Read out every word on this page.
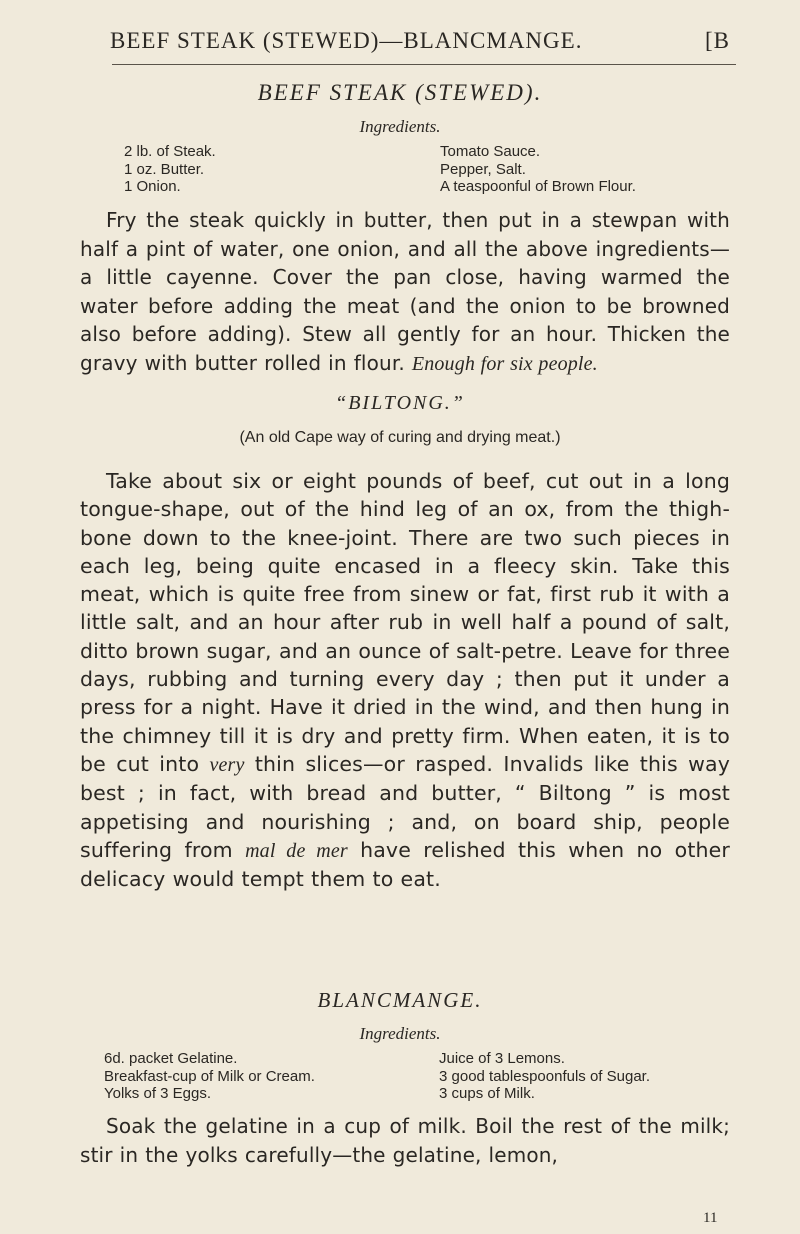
BEEF STEAK (STEWED)—BLANCMANGE.	[B
BEEF STEAK (STEWED).
Ingredients.
2 lb. of Steak.
1 oz. Butter.
1 Onion.
Tomato Sauce.
Pepper, Salt.
A teaspoonful of Brown Flour.
Fry the steak quickly in butter, then put in a stewpan with half a pint of water, one onion, and all the above ingredients—a little cayenne. Cover the pan close, having warmed the water before adding the meat (and the onion to be browned also before adding). Stew all gently for an hour. Thicken the gravy with butter rolled in flour. Enough for six people.
“BILTONG.”
(An old Cape way of curing and drying meat.)
Take about six or eight pounds of beef, cut out in a long tongue-shape, out of the hind leg of an ox, from the thigh-bone down to the knee-joint. There are two such pieces in each leg, being quite encased in a fleecy skin. Take this meat, which is quite free from sinew or fat, first rub it with a little salt, and an hour after rub in well half a pound of salt, ditto brown sugar, and an ounce of salt-petre. Leave for three days, rubbing and turning every day ; then put it under a press for a night. Have it dried in the wind, and then hung in the chimney till it is dry and pretty firm. When eaten, it is to be cut into very thin slices—or rasped. Invalids like this way best ; in fact, with bread and butter, “ Biltong ” is most appetising and nourishing ; and, on board ship, people suffering from mal de mer have relished this when no other delicacy would tempt them to eat.
BLANCMANGE.
Ingredients.
6d. packet Gelatine.
Breakfast-cup of Milk or Cream.
Yolks of 3 Eggs.
Juice of 3 Lemons.
3 good tablespoonfuls of Sugar.
3 cups of Milk.
Soak the gelatine in a cup of milk. Boil the rest of the milk; stir in the yolks carefully—the gelatine, lemon,
11
